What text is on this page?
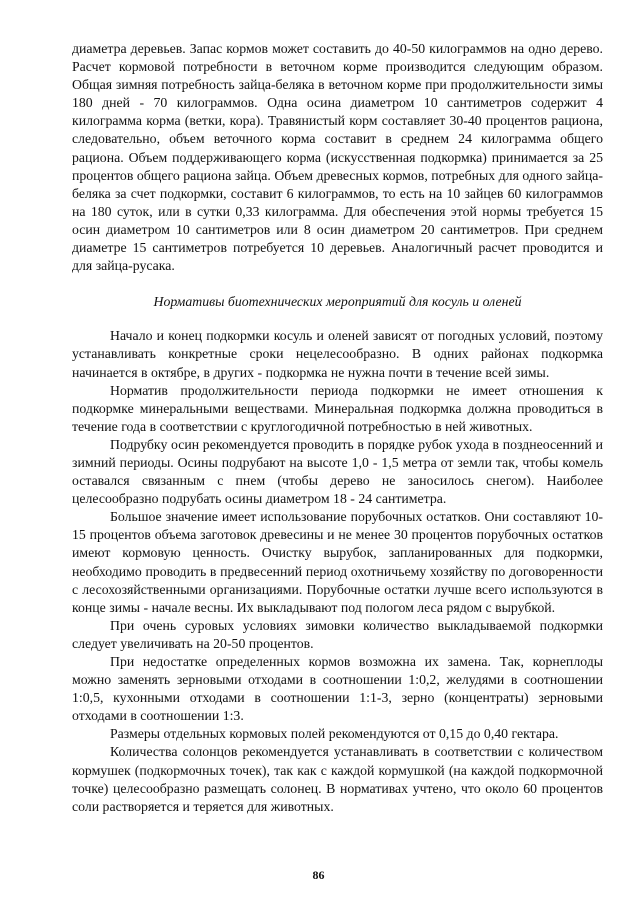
диаметра деревьев. Запас кормов может составить до 40-50 килограммов на одно дерево. Расчет кормовой потребности в веточном корме производится следующим образом. Общая зимняя потребность зайца-беляка в веточном корме при продолжительности зимы 180 дней - 70 килограммов. Одна осина диаметром 10 сантиметров содержит 4 килограмма корма (ветки, кора). Травянистый корм составляет 30-40 процентов рациона, следовательно, объем веточного корма составит в среднем 24 килограмма общего рациона. Объем поддерживающего корма (искусственная подкормка) принимается за 25 процентов общего рациона зайца. Объем древесных кормов, потребных для одного зайца-беляка за счет подкормки, составит 6 килограммов, то есть на 10 зайцев 60 килограммов на 180 суток, или в сутки 0,33 килограмма. Для обеспечения этой нормы требуется 15 осин диаметром 10 сантиметров или 8 осин диаметром 20 сантиметров. При среднем диаметре 15 сантиметров потребуется 10 деревьев. Аналогичный расчет проводится и для зайца-русака.

Нормативы биотехнических мероприятий для косуль и оленей

Начало и конец подкормки косуль и оленей зависят от погодных условий, поэтому устанавливать конкретные сроки нецелесообразно. В одних районах подкормка начинается в октябре, в других - подкормка не нужна почти в течение всей зимы.

Норматив продолжительности периода подкормки не имеет отношения к подкормке минеральными веществами. Минеральная подкормка должна проводиться в течение года в соответствии с круглогодичной потребностью в ней животных.

Подрубку осин рекомендуется проводить в порядке рубок ухода в позднеосенний и зимний периоды. Осины подрубают на высоте 1,0 - 1,5 метра от земли так, чтобы комель оставался связанным с пнем (чтобы дерево не заносилось снегом). Наиболее целесообразно подрубать осины диаметром 18 - 24 сантиметра.

Большое значение имеет использование порубочных остатков. Они составляют 10-15 процентов объема заготовок древесины и не менее 30 процентов порубочных остатков имеют кормовую ценность. Очистку вырубок, запланированных для подкормки, необходимо проводить в предвесенний период охотничьему хозяйству по договоренности с лесохозяйственными организациями. Порубочные остатки лучше всего используются в конце зимы - начале весны. Их выкладывают под пологом леса рядом с вырубкой.

При очень суровых условиях зимовки количество выкладываемой подкормки следует увеличивать на 20-50 процентов.

При недостатке определенных кормов возможна их замена. Так, корнеплоды можно заменять зерновыми отходами в соотношении 1:0,2, желудями в соотношении 1:0,5, кухонными отходами в соотношении 1:1-3, зерно (концентраты) зерновыми отходами в соотношении 1:3.

Размеры отдельных кормовых полей рекомендуются от 0,15 до 0,40 гектара.

Количества солонцов рекомендуется устанавливать в соответствии с количеством кормушек (подкормочных точек), так как с каждой кормушкой (на каждой подкормочной точке) целесообразно размещать солонец. В нормативах учтено, что около 60 процентов соли растворяется и теряется для животных.

86
